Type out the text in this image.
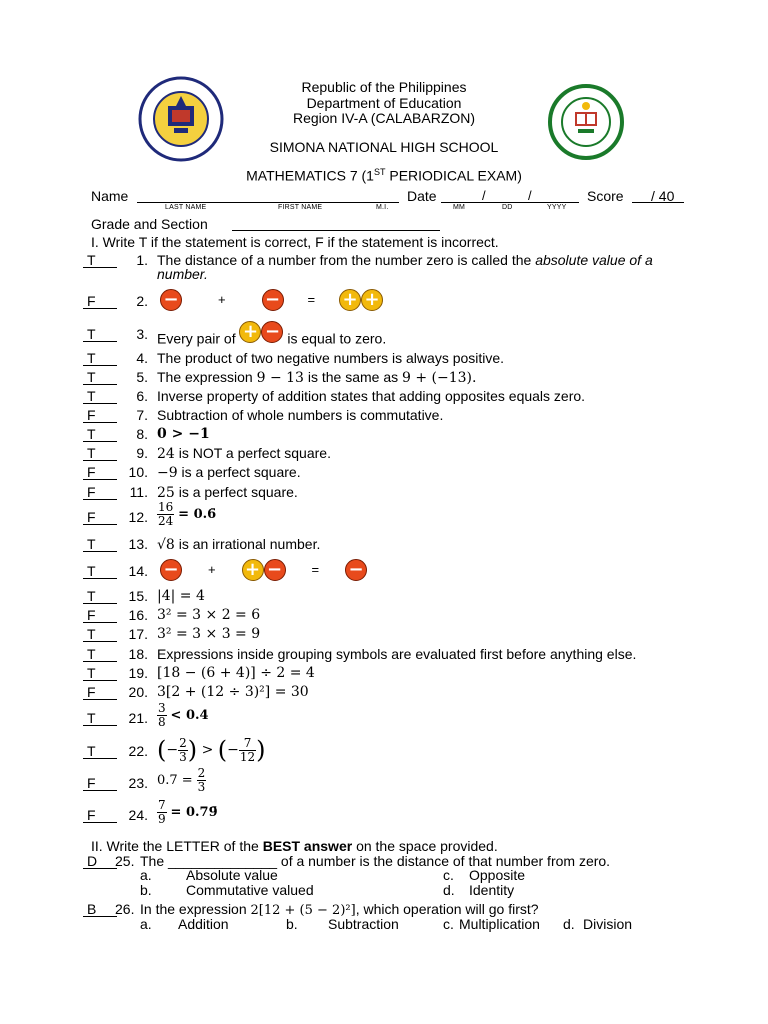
Republic of the Philippines
Department of Education
Region IV-A (CALABARZON)
SIMONA NATIONAL HIGH SCHOOL
MATHEMATICS 7 (1ST PERIODICAL EXAM)
Name
LAST NAME	FIRST NAME	M.I.
Date	/	/
MM	DD	YYYY
Score / 40
Grade and Section
I. Write T if the statement is correct, F if the statement is incorrect.
T	1. The distance of a number from the number zero is called the absolute value of a
number.
F	2. −	+ − = + +
T	3. Every pair of + − is equal to zero.
T	4. The product of two negative numbers is always positive.
T	5. The expression 9 − 13 is the same as 9 + (−13).
T	6. Inverse property of addition states that adding opposites equals zero.
F	7. Subtraction of whole numbers is commutative.
T	8. 0 > −1
T	9. 24 is NOT a perfect square.
F	10. −9 is a perfect square.
F	11. 25 is a perfect square.
F	12. $\frac{16}{24}$ = 0.6̄
T	13. √8 is an irrational number.
T	14. − + + − = −
T	15. |4| = 4
F	16. 3² = 3 × 2 = 6
T	17. 3² = 3 × 3 = 9
T	18. Expressions inside grouping symbols are evaluated first before anything else.
T	19. [18 − (6 + 4)] ÷ 2 = 4
F	20. 3[2 + (12 ÷ 3)²] = 30
T	21. $\frac{3}{8} < 0.4$
T	22. (− $\frac{2}{3}$ ) > (− $\frac{7}{12}$ )
F	23. $0.7 = \frac{2}{3}$
F	24. $\frac{7}{9}$ = 0.79̄
II. Write the LETTER of the BEST answer on the space provided.
D	25. The ______________ of a number is the distance of that number from zero.
a. Absolute value
b. Commutative valued
c. Opposite
d. Identity
B	26. In the expression 2[12 + (5 − 2)²], which operation will go first?
a. Addition	b. Subtraction	c. Multiplication d. Division
